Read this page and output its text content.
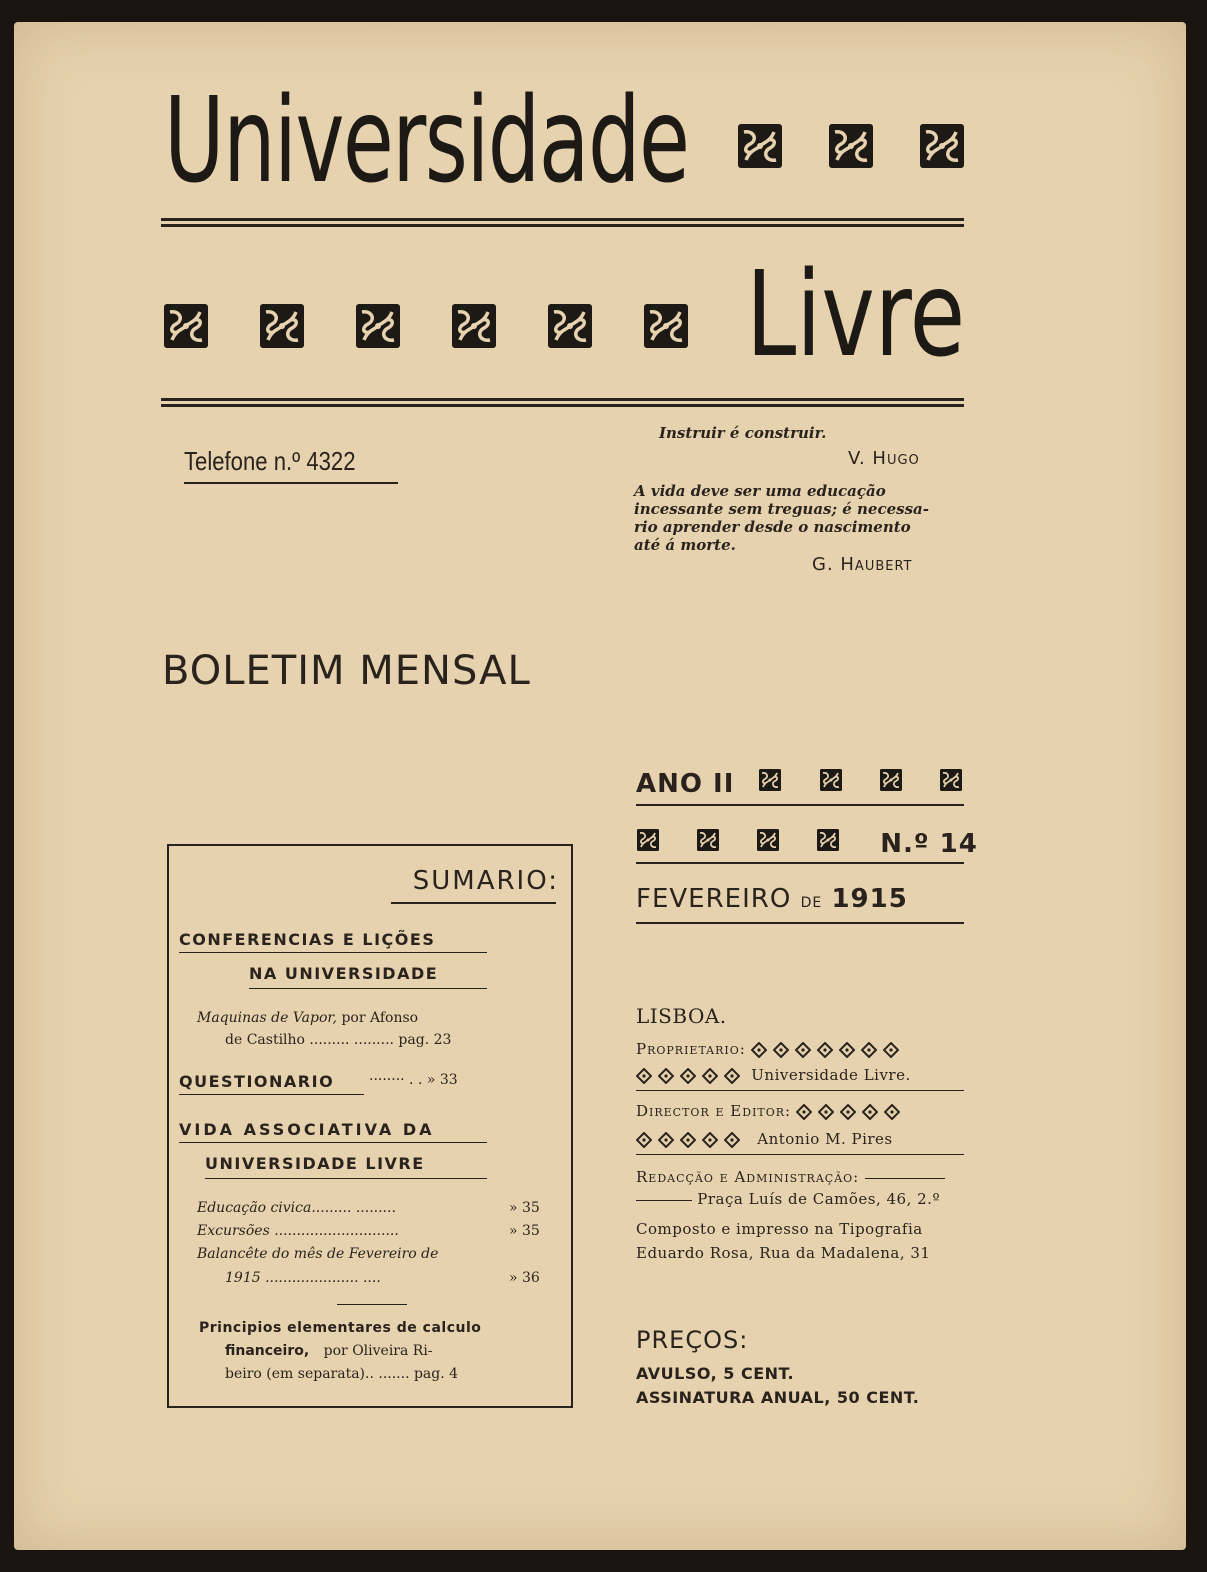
Universidade

Livre
Telefone n.º 4322
Instruir é construir.
V. Hugo
A vida deve ser uma educação
incessante sem treguas; é necessa-
rio aprender desde o nascimento
até á morte.
G. Haubert
BOLETIM MENSAL
ANO II
N.º 14
FEVEREIRO DE 1915
SUMARIO:
CONFERENCIAS E LIÇÕES
NA UNIVERSIDADE
Maquinas de Vapor, por Afonso
de Castilho ......... ......... pag. 23
QUESTIONARIO ········ . . » 33
VIDA ASSOCIATIVA DA
UNIVERSIDADE LIVRE
Educação civica......... .........	» 35
Excursões ............................	» 35
Balancête do mês de Fevereiro de
1915 ..................... ....	» 36
Principios elementares de calculo
financeiro, por Oliveira Ri-
beiro (em separata).. ....... pag. 4
LISBOA.
Proprietario:
Universidade Livre.
Director e Editor:
Antonio M. Pires
Redacção e Administração:
Praça Luís de Camões, 46, 2.º
Composto e impresso na Tipografia
Eduardo Rosa, Rua da Madalena, 31
PREÇOS:
AVULSO, 5 CENT.
ASSINATURA ANUAL, 50 CENT.
